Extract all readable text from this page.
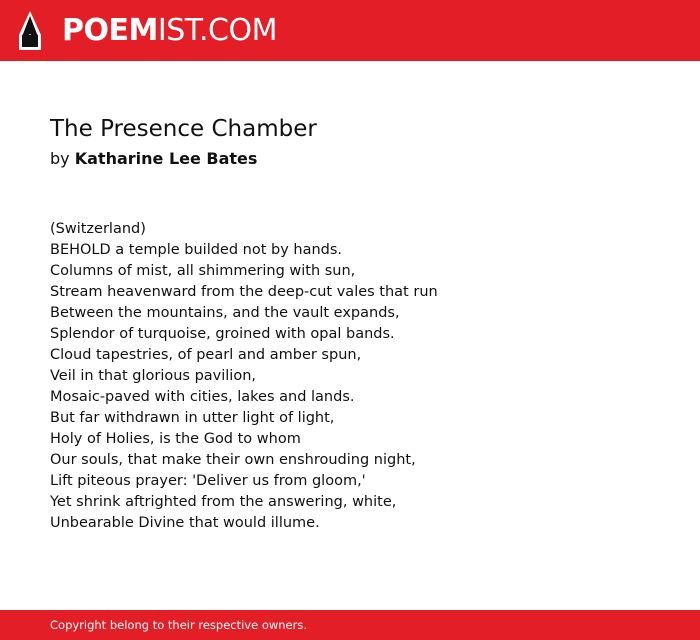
POEMIST.COM
The Presence Chamber
by Katharine Lee Bates
(Switzerland)
BEHOLD a temple builded not by hands.
Columns of mist, all shimmering with sun,
Stream heavenward from the deep-cut vales that run
Between the mountains, and the vault expands,
Splendor of turquoise, groined with opal bands.
Cloud tapestries, of pearl and amber spun,
Veil in that glorious pavilion,
Mosaic-paved with cities, lakes and lands.
But far withdrawn in utter light of light,
Holy of Holies, is the God to whom
Our souls, that make their own enshrouding night,
Lift piteous prayer: 'Deliver us from gloom,'
Yet shrink aftrighted from the answering, white,
Unbearable Divine that would illume.
Copyright belong to their respective owners.
